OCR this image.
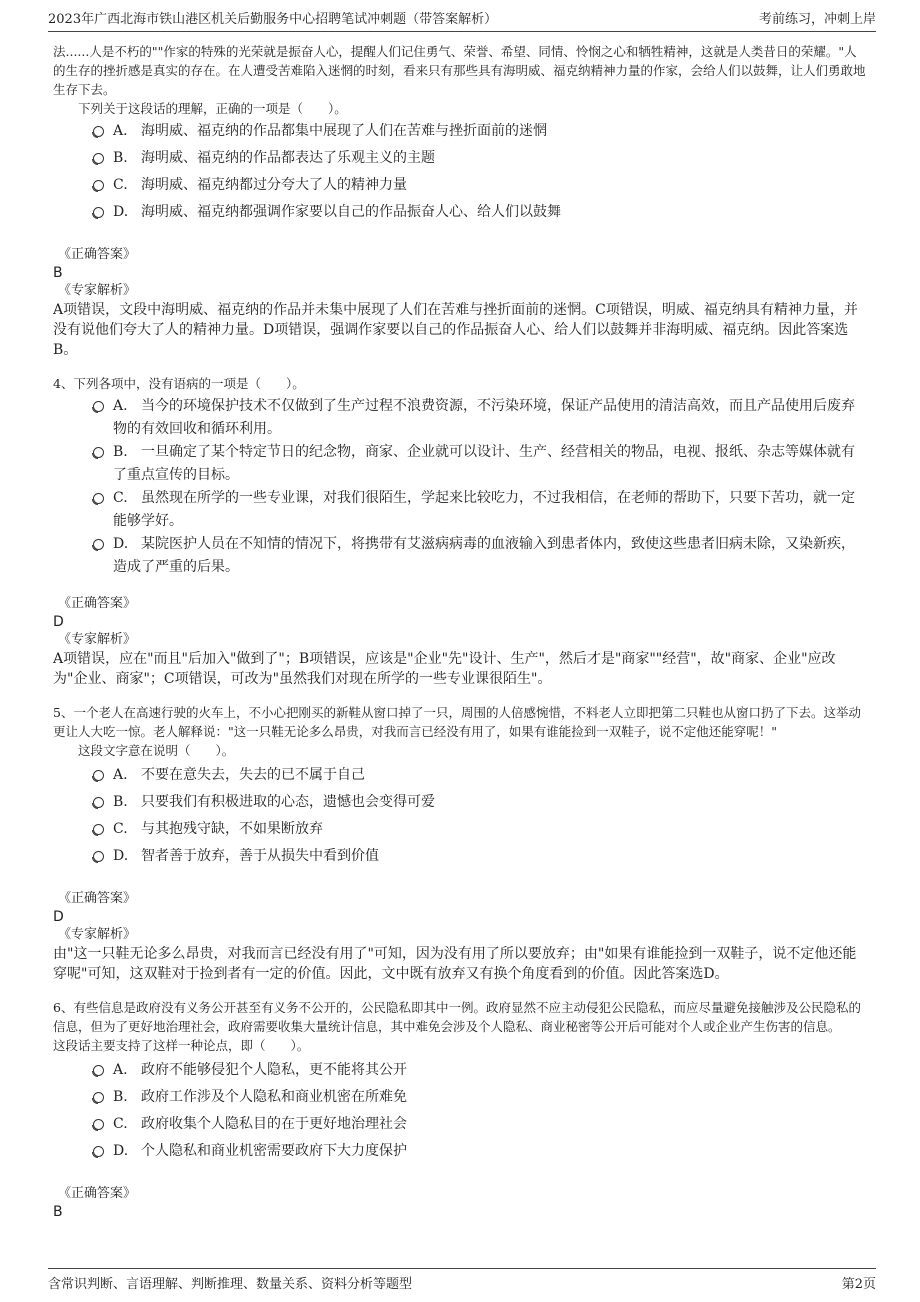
2023年广西北海市铁山港区机关后勤服务中心招聘笔试冲刺题（带答案解析）	考前练习，冲刺上岸

法......人是不朽的""作家的特殊的光荣就是振奋人心，提醒人们记住勇气、荣誉、希望、同情、怜悯之心和牺牲精神，这就是人类昔日的荣耀。"人的生存的挫折感是真实的存在。在人遭受苦难陷入迷惘的时刻，看来只有那些具有海明威、福克纳精神力量的作家，会给人们以鼓舞，让人们勇敢地生存下去。

下列关于这段话的理解，正确的一项是（　　）。

A. 海明威、福克纳的作品都集中展现了人们在苦难与挫折面前的迷惘
B. 海明威、福克纳的作品都表达了乐观主义的主题
C. 海明威、福克纳都过分夸大了人的精神力量
D. 海明威、福克纳都强调作家要以自己的作品振奋人心、给人们以鼓舞

《正确答案》

B

《专家解析》

A项错误，文段中海明威、福克纳的作品并未集中展现了人们在苦难与挫折面前的迷惘。C项错误，明威、福克纳具有精神力量，并没有说他们夸大了人的精神力量。D项错误，强调作家要以自己的作品振奋人心、给人们以鼓舞并非海明威、福克纳。因此答案选B。

4、下列各项中，没有语病的一项是（　　）。

A. 当今的环境保护技术不仅做到了生产过程不浪费资源，不污染环境，保证产品使用的清洁高效，而且产品使用后废弃物的有效回收和循环利用。
B. 一旦确定了某个特定节日的纪念物，商家、企业就可以设计、生产、经营相关的物品，电视、报纸、杂志等媒体就有了重点宣传的目标。
C. 虽然现在所学的一些专业课，对我们很陌生，学起来比较吃力，不过我相信，在老师的帮助下，只要下苦功，就一定能够学好。
D. 某院医护人员在不知情的情况下，将携带有艾滋病病毒的血液输入到患者体内，致使这些患者旧病未除，又染新疾，造成了严重的后果。

《正确答案》

D

《专家解析》

A项错误，应在"而且"后加入"做到了"；B项错误，应该是"企业"先"设计、生产"，然后才是"商家""经营"，故"商家、企业"应改为"企业、商家"；C项错误，可改为"虽然我们对现在所学的一些专业课很陌生"。

5、一个老人在高速行驶的火车上，不小心把刚买的新鞋从窗口掉了一只，周围的人倍感惋惜，不料老人立即把第二只鞋也从窗口扔了下去。这举动更让人大吃一惊。老人解释说："这一只鞋无论多么昂贵，对我而言已经没有用了，如果有谁能捡到一双鞋子，说不定他还能穿呢！"

这段文字意在说明（　　）。

A. 不要在意失去，失去的已不属于自己
B. 只要我们有积极进取的心态，遗憾也会变得可爱
C. 与其抱残守缺，不如果断放弃
D. 智者善于放弃，善于从损失中看到价值

《正确答案》

D

《专家解析》

由"这一只鞋无论多么昂贵，对我而言已经没有用了"可知，因为没有用了所以要放弃；由"如果有谁能捡到一双鞋子，说不定他还能穿呢"可知，这双鞋对于捡到者有一定的价值。因此，文中既有放弃又有换个角度看到的价值。因此答案选D。

6、有些信息是政府没有义务公开甚至有义务不公开的，公民隐私即其中一例。政府显然不应主动侵犯公民隐私，而应尽量避免接触涉及公民隐私的信息，但为了更好地治理社会，政府需要收集大量统计信息，其中难免会涉及个人隐私、商业秘密等公开后可能对个人或企业产生伤害的信息。

这段话主要支持了这样一种论点，即（　　）。

A. 政府不能够侵犯个人隐私，更不能将其公开
B. 政府工作涉及个人隐私和商业机密在所难免
C. 政府收集个人隐私目的在于更好地治理社会
D. 个人隐私和商业机密需要政府下大力度保护

《正确答案》

B

含常识判断、言语理解、判断推理、数量关系、资料分析等题型	第2页
